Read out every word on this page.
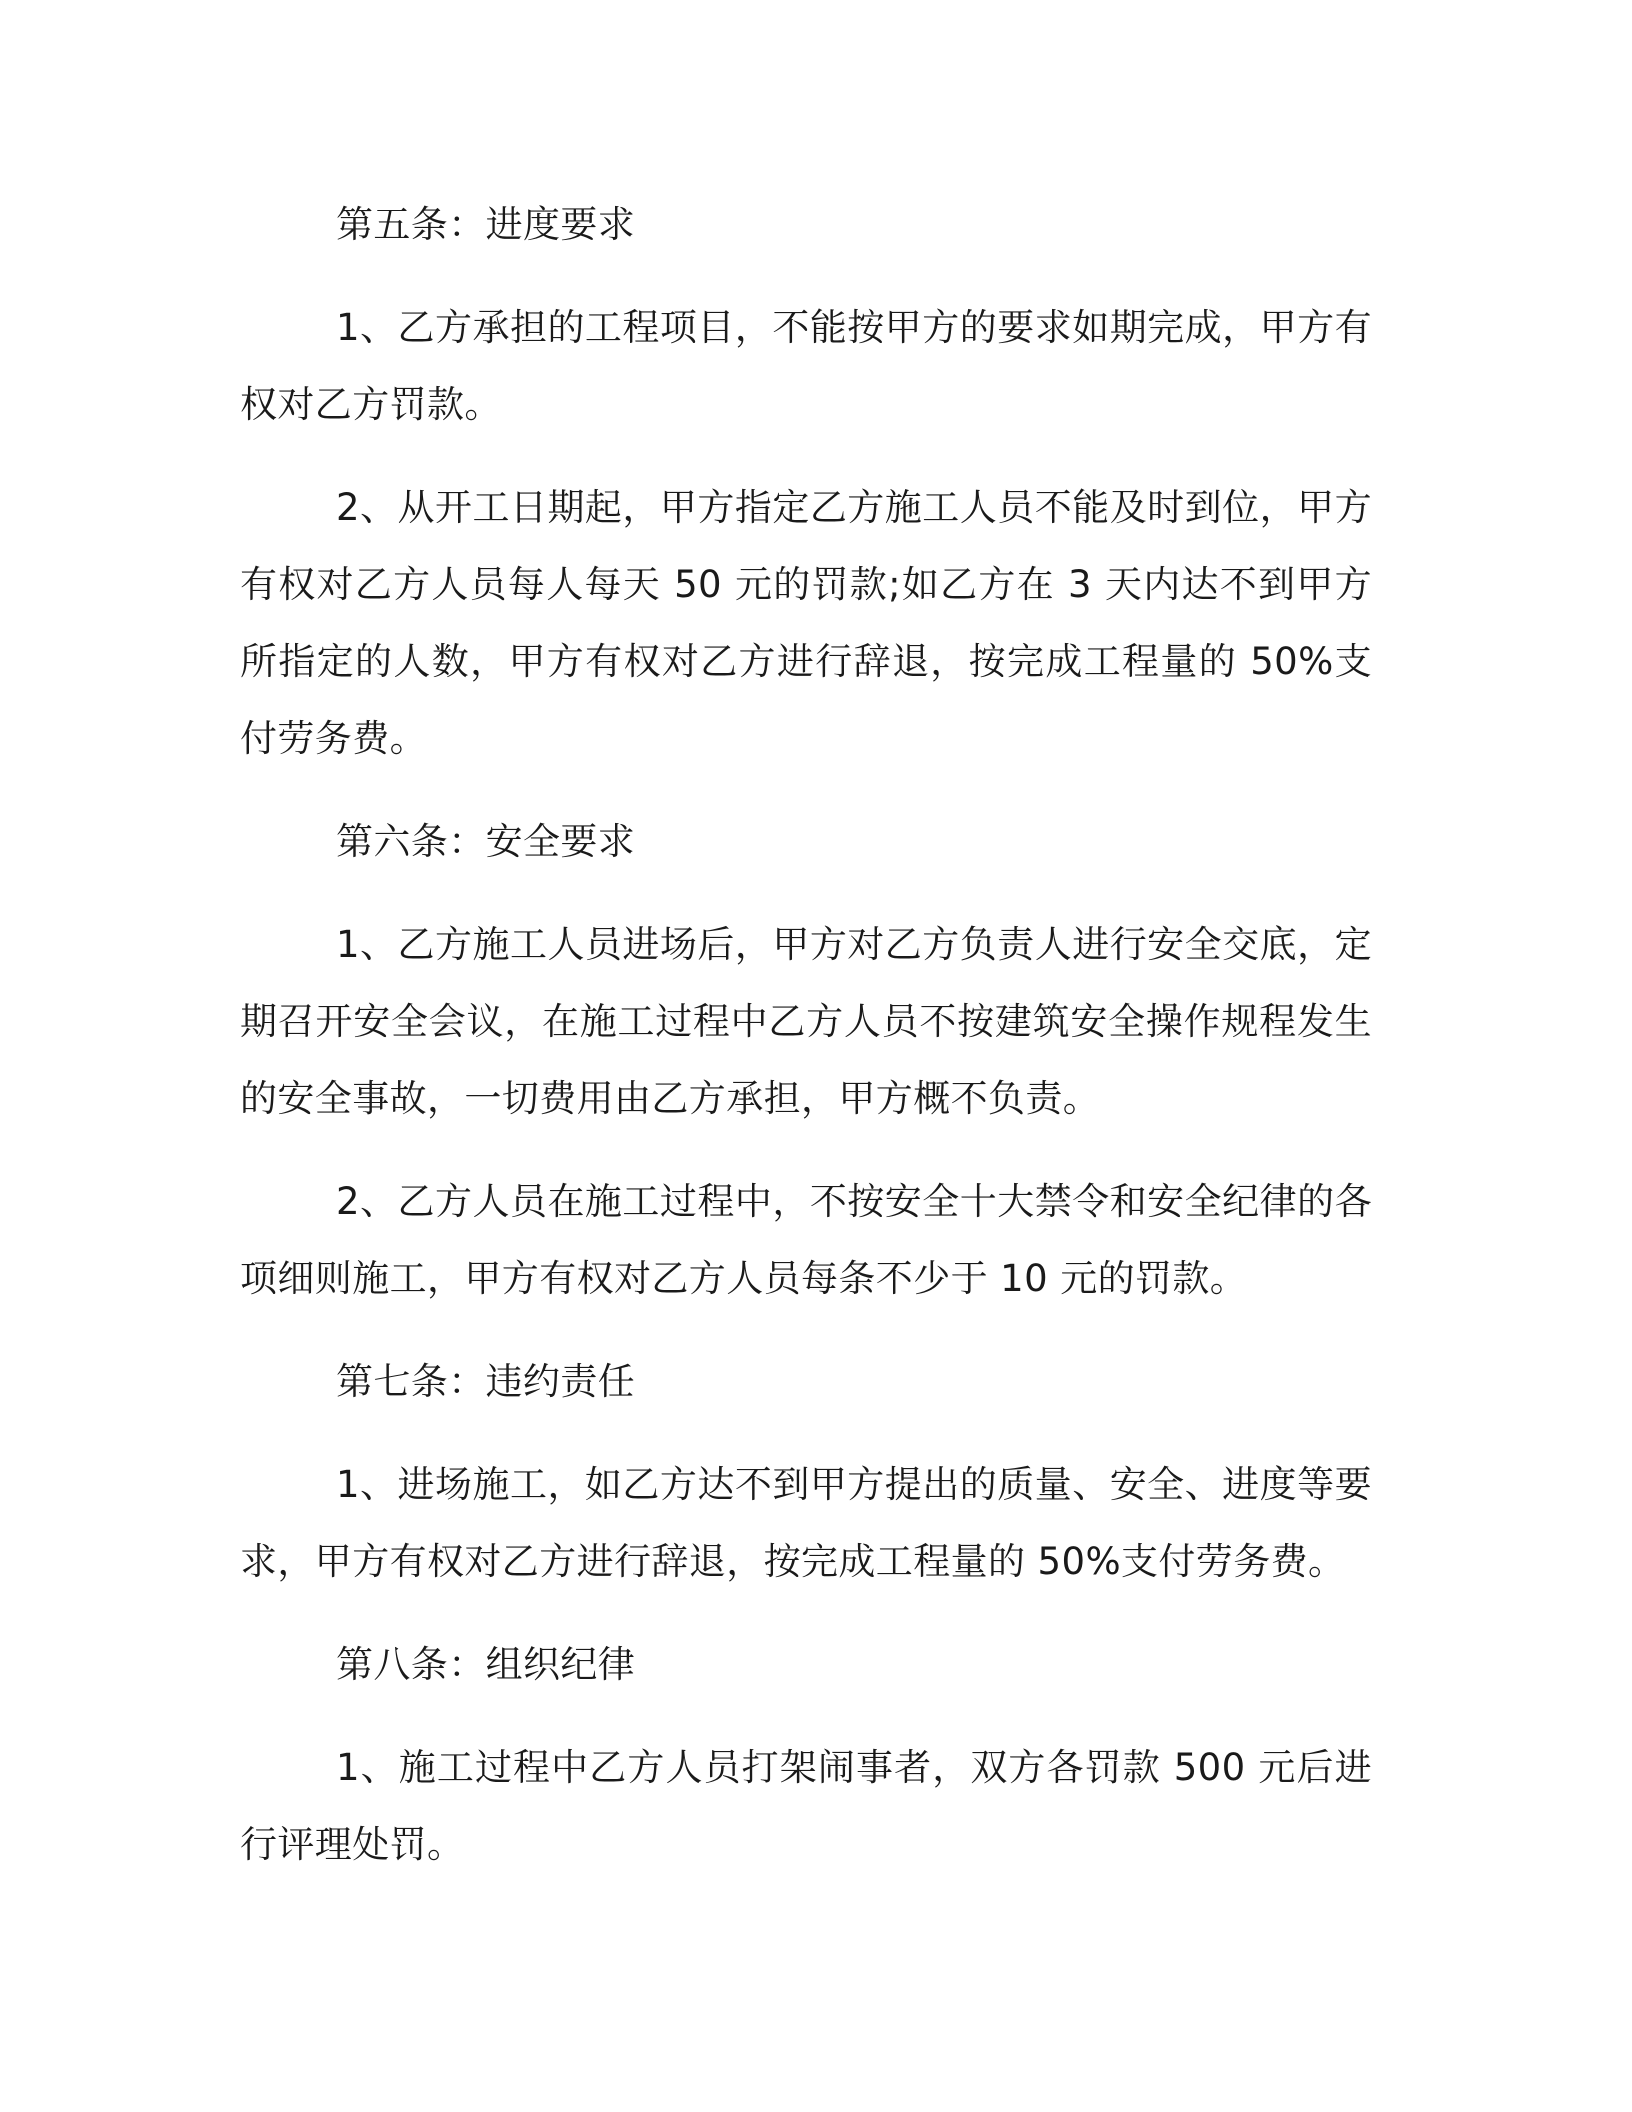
第五条：进度要求

1、乙方承担的工程项目，不能按甲方的要求如期完成，甲方有权对乙方罚款。

2、从开工日期起，甲方指定乙方施工人员不能及时到位，甲方有权对乙方人员每人每天 50 元的罚款;如乙方在 3 天内达不到甲方所指定的人数，甲方有权对乙方进行辞退，按完成工程量的 50%支付劳务费。

第六条：安全要求

1、乙方施工人员进场后，甲方对乙方负责人进行安全交底，定期召开安全会议，在施工过程中乙方人员不按建筑安全操作规程发生的安全事故，一切费用由乙方承担，甲方概不负责。

2、乙方人员在施工过程中，不按安全十大禁令和安全纪律的各项细则施工，甲方有权对乙方人员每条不少于 10 元的罚款。

第七条：违约责任

1、进场施工，如乙方达不到甲方提出的质量、安全、进度等要求，甲方有权对乙方进行辞退，按完成工程量的 50%支付劳务费。

第八条：组织纪律

1、施工过程中乙方人员打架闹事者，双方各罚款 500 元后进行评理处罚。
